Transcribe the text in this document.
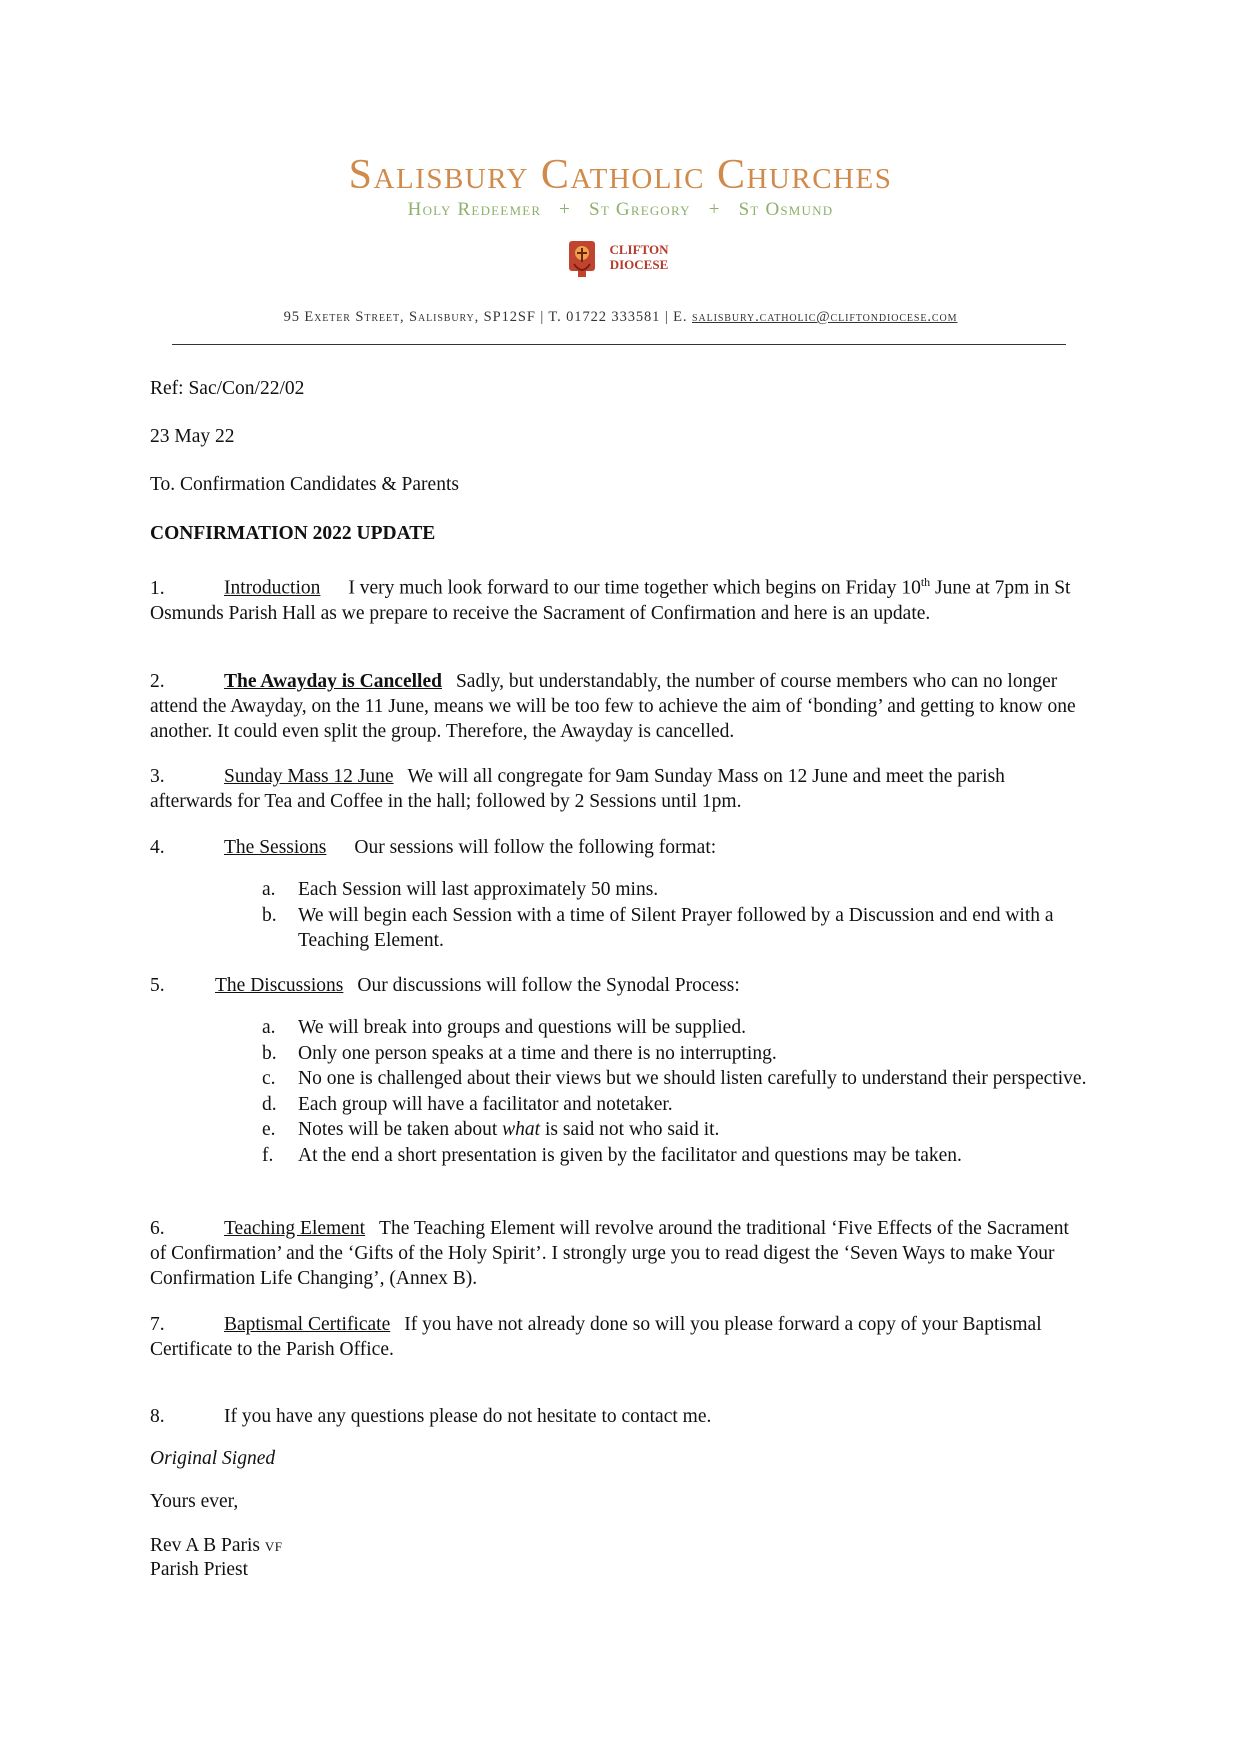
Salisbury Catholic Churches
Holy Redeemer + St Gregory + St Osmund
CLIFTON
DIOCESE
95 Exeter Street, Salisbury, SP12SF | T. 01722 333581 | E. salisbury.catholic@cliftondiocese.com
Ref: Sac/Con/22/02
23 May 22
To. Confirmation Candidates & Parents
CONFIRMATION 2022 UPDATE
1.	Introduction I very much look forward to our time together which begins on Friday 10th June at 7pm in St Osmunds Parish Hall as we prepare to receive the Sacrament of Confirmation and here is an update.
2.	The Awayday is Cancelled Sadly, but understandably, the number of course members who can no longer attend the Awayday, on the 11 June, means we will be too few to achieve the aim of ‘bonding’ and getting to know one another. It could even split the group. Therefore, the Awayday is cancelled.
3.	Sunday Mass 12 June We will all congregate for 9am Sunday Mass on 12 June and meet the parish afterwards for Tea and Coffee in the hall; followed by 2 Sessions until 1pm.
4.	The Sessions Our sessions will follow the following format:
a. Each Session will last approximately 50 mins.
b. We will begin each Session with a time of Silent Prayer followed by a Discussion and end with a Teaching Element.
5.	The Discussions Our discussions will follow the Synodal Process:
a. We will break into groups and questions will be supplied.
b. Only one person speaks at a time and there is no interrupting.
c. No one is challenged about their views but we should listen carefully to understand their perspective.
d. Each group will have a facilitator and notetaker.
e. Notes will be taken about what is said not who said it.
f. At the end a short presentation is given by the facilitator and questions may be taken.
6.	Teaching Element The Teaching Element will revolve around the traditional ‘Five Effects of the Sacrament of Confirmation’ and the ‘Gifts of the Holy Spirit’. I strongly urge you to read digest the ‘Seven Ways to make Your Confirmation Life Changing’, (Annex B).
7.	Baptismal Certificate If you have not already done so will you please forward a copy of your Baptismal Certificate to the Parish Office.
8.	If you have any questions please do not hesitate to contact me.
Original Signed
Yours ever,
Rev A B Paris VF
Parish Priest
